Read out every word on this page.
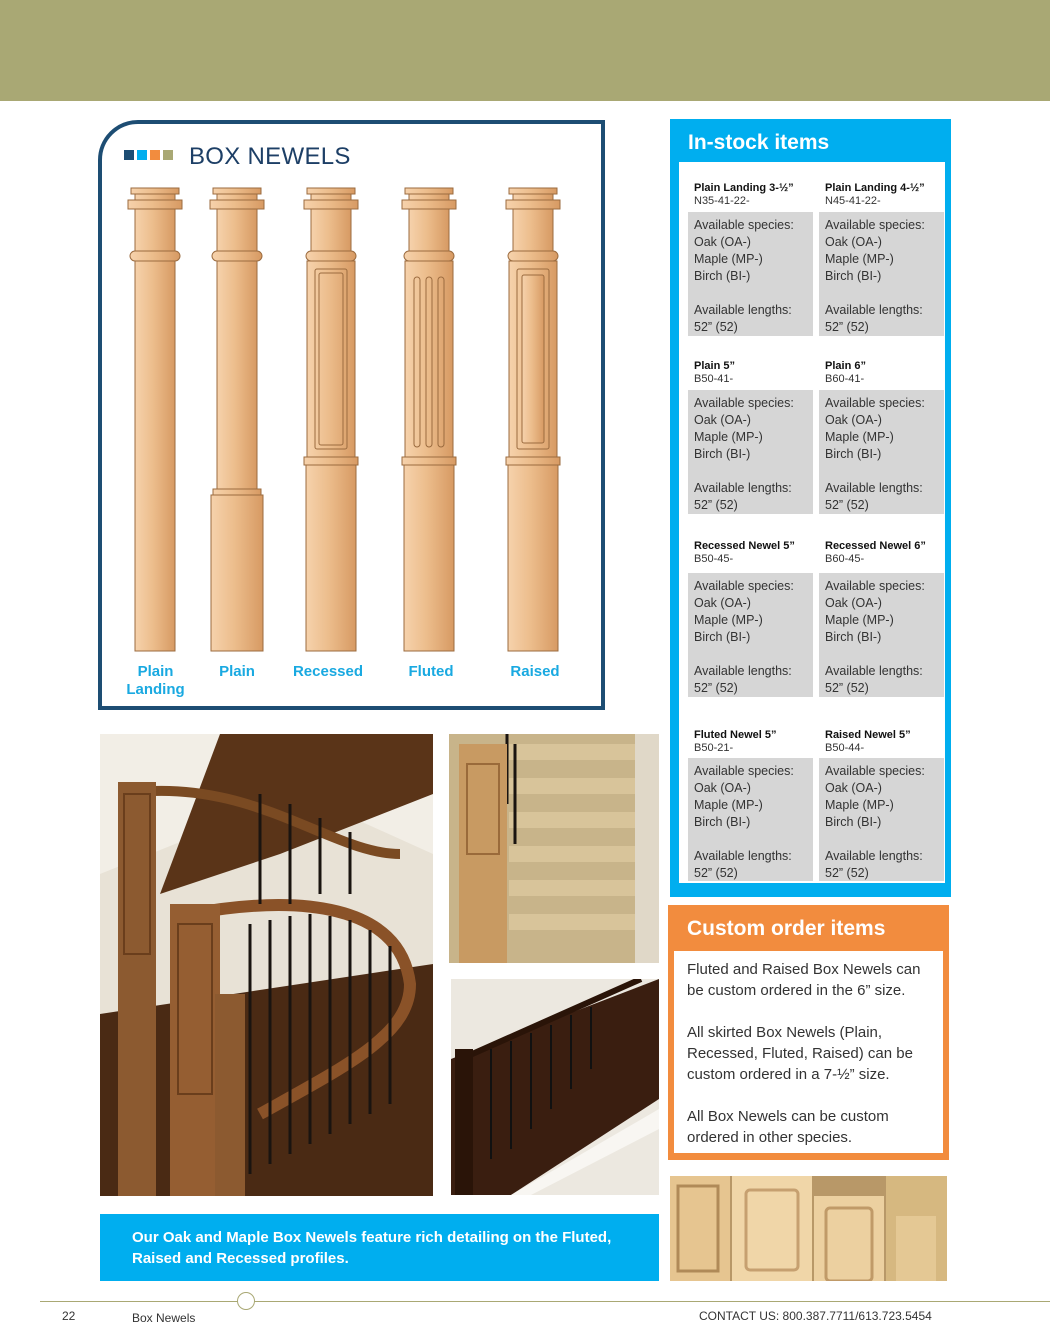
BOX NEWELS
Plain Landing
Plain	Recessed	Fluted	Raised
Our Oak and Maple Box Newels feature rich detailing on the Fluted, Raised and Recessed profiles.
In-stock items
Plain Landing 3-½”
N35-41-22-
Available species:
Oak (OA-)
Maple (MP-)
Birch (BI-)
Available lengths:
52” (52)
Plain Landing 4-½”
N45-41-22-
Available species:
Oak (OA-)
Maple (MP-)
Birch (BI-)
Available lengths:
52” (52)
Plain 5”
B50-41-
Available species:
Oak (OA-)
Maple (MP-)
Birch (BI-)
Available lengths:
52” (52)
Plain 6”
B60-41-
Available species:
Oak (OA-)
Maple (MP-)
Birch (BI-)
Available lengths:
52” (52)
Recessed Newel 5”
B50-45-
Available species:
Oak (OA-)
Maple (MP-)
Birch (BI-)
Available lengths:
52” (52)
Recessed Newel 6”
B60-45-
Available species:
Oak (OA-)
Maple (MP-)
Birch (BI-)
Available lengths:
52” (52)
Fluted Newel 5”
B50-21-
Available species:
Oak (OA-)
Maple (MP-)
Birch (BI-)
Available lengths:
52” (52)
Raised Newel 5”
B50-44-
Available species:
Oak (OA-)
Maple (MP-)
Birch (BI-)
Available lengths:
52” (52)
Custom order items

Fluted and Raised Box Newels can be custom ordered in the 6” size.

All skirted Box Newels (Plain, Recessed, Fluted, Raised) can be custom ordered in a 7-½” size.

All Box Newels can be custom ordered in other species.

22	Box Newels	CONTACT US: 800.387.7711/613.723.5454
